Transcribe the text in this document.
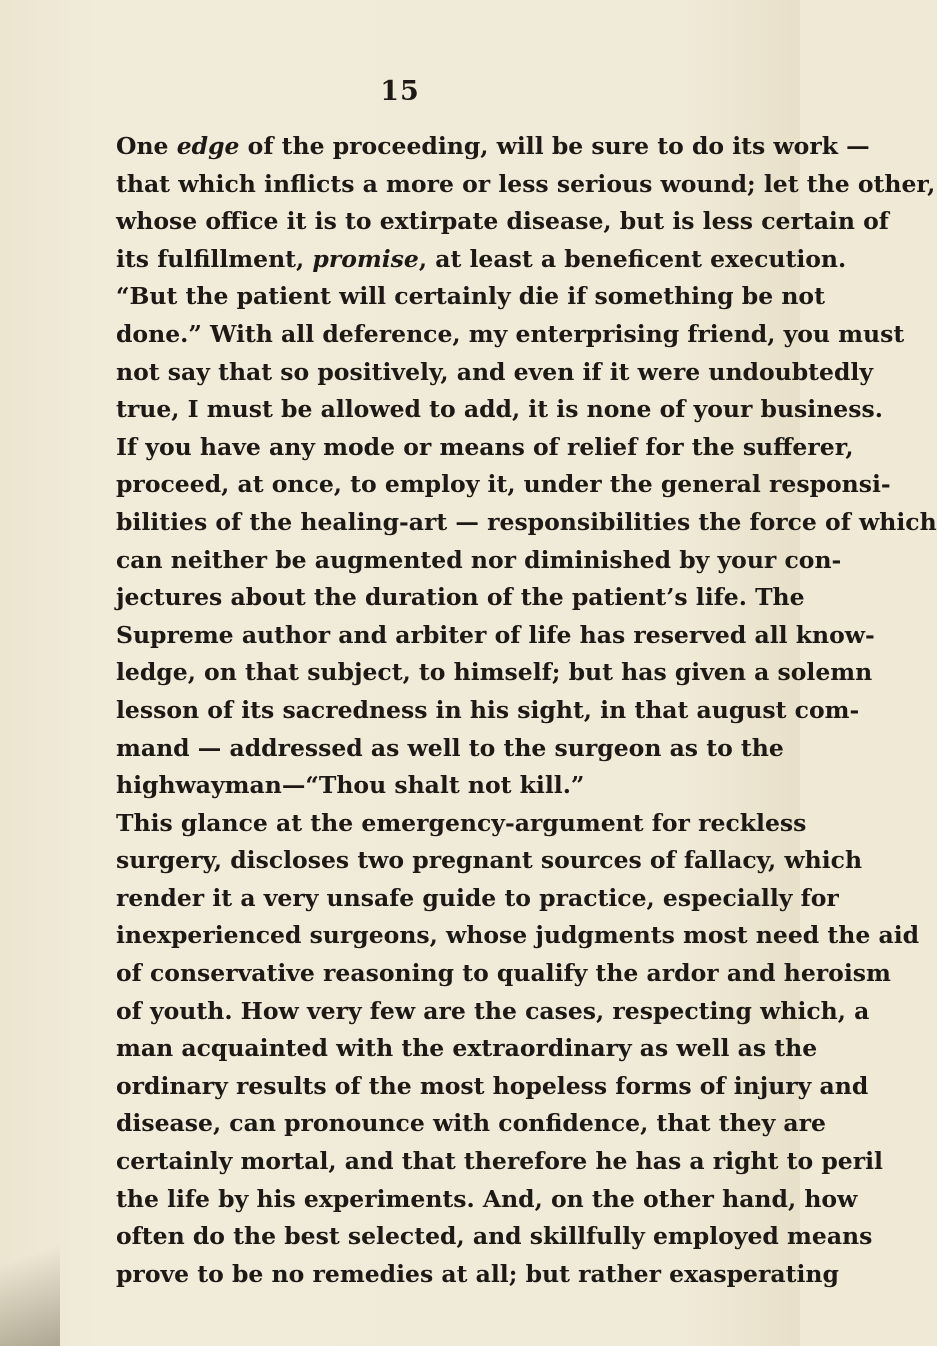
15
One edge of the proceeding, will be sure to do its work —
that which inflicts a more or less serious wound; let the other,
whose office it is to extirpate disease, but is less certain of
its fulfillment, promise, at least a beneficent execution.
“But the patient will certainly die if something be not
done.” With all deference, my enterprising friend, you must
not say that so positively, and even if it were undoubtedly
true, I must be allowed to add, it is none of your business.
If you have any mode or means of relief for the sufferer,
proceed, at once, to employ it, under the general responsi-
bilities of the healing-art — responsibilities the force of which
can neither be augmented nor diminished by your con-
jectures about the duration of the patient’s life. The
Supreme author and arbiter of life has reserved all know-
ledge, on that subject, to himself; but has given a solemn
lesson of its sacredness in his sight, in that august com-
mand — addressed as well to the surgeon as to the
highwayman—“Thou shalt not kill.”
This glance at the emergency-argument for reckless
surgery, discloses two pregnant sources of fallacy, which
render it a very unsafe guide to practice, especially for
inexperienced surgeons, whose judgments most need the aid
of conservative reasoning to qualify the ardor and heroism
of youth. How very few are the cases, respecting which, a
man acquainted with the extraordinary as well as the
ordinary results of the most hopeless forms of injury and
disease, can pronounce with confidence, that they are
certainly mortal, and that therefore he has a right to peril
the life by his experiments. And, on the other hand, how
often do the best selected, and skillfully employed means
prove to be no remedies at all; but rather exasperating
